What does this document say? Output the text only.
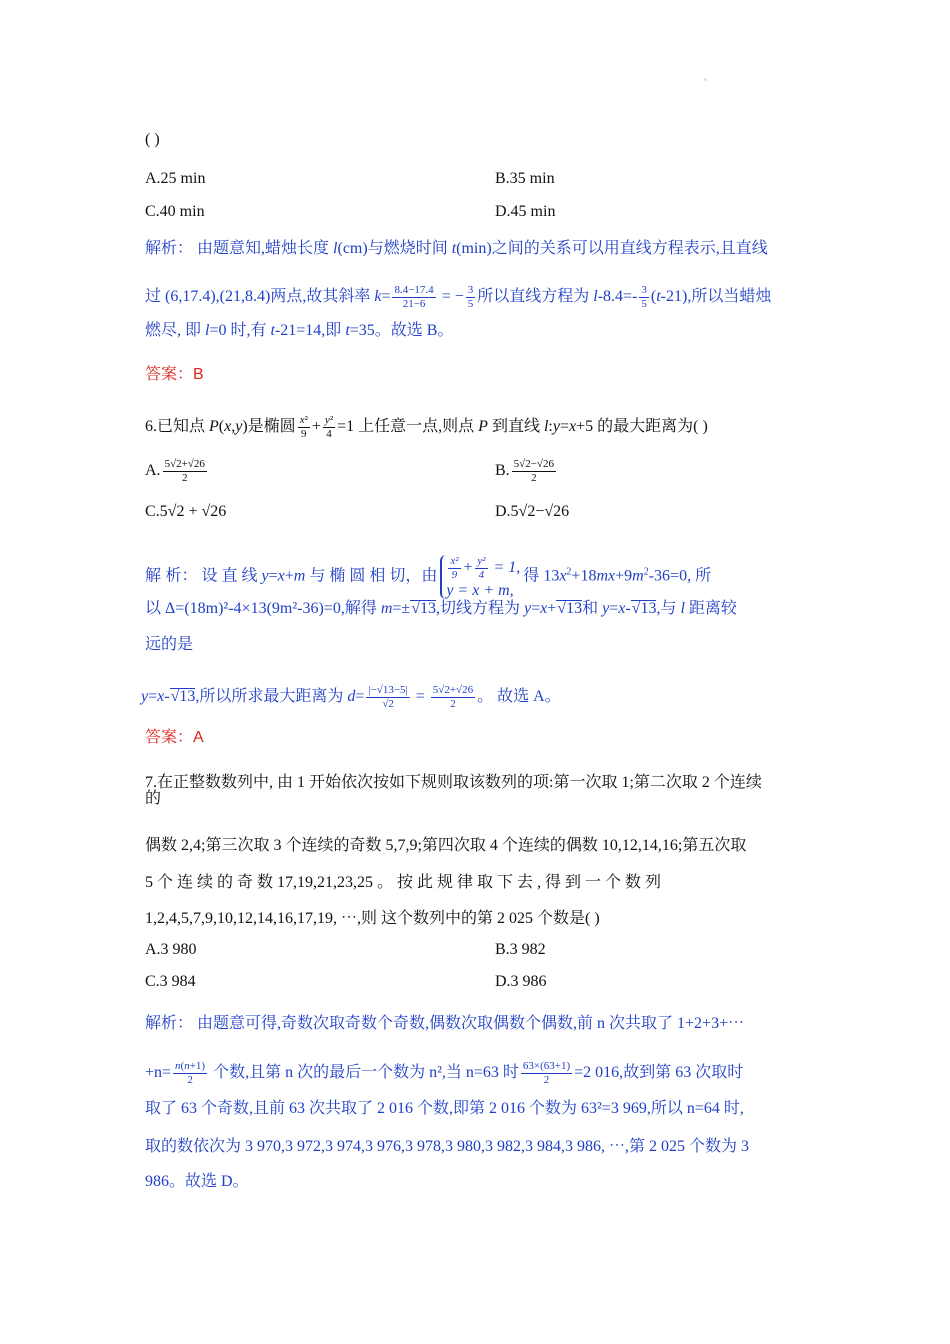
( )
A.25 min	B.35 min
C.40 min	D.45 min
解析： 由题意知,蜡烛长度 l(cm)与燃烧时间 t(min)之间的关系可以用直线方程表示,且直线
过 (6,17.4),(21,8.4)两点,故其斜率 $k= \frac{8.4-17.4}{21-6}$ = − $\frac{3}{5}$ 所以直线方程为 $l-8.4=- \frac{3}{5} (t-21)$,所以当蜡烛
燃尽, 即 l=0 时,有 t-21=14,即 t=35。故选 B。
答案：B
6.已知点 P(x,y)是椭圆 $\frac{\text{x²}}{9} + \frac{\text{y²}}{4} =1$ 上任意一点,则点 P 到直线 l:y=x+5 的最大距离为( )
A. $\frac{5√2+√26}{2}$	B. $\frac{5√2-√26}{2}$
C.5√2 + √26	D.5√2−√26
解 析： 设 直 线 y=x+m 与 椭 圆 相 切，由 $\frac{\text{x²}}{9} + \frac{\text{y²}}{4} = 1$,
y = x + m,得 $13x^2+18mx+9m^2-36=0$, 所
以 Δ=(18m)²-4×13(9m²-36)=0,解得 m=± √ 13,切线方程为 y=x+ √ 13和 y=x- √ 13,与 l 距离较
远的是
y=x- √ 13,所以所求最大距离为 $d= \frac{|-√13-5|}{√2} = \frac{5√2+√26}{2}$ 。 故选 A。
答案：A
7.在正整数数列中, 由 1 开始依次按如下规则取该数列的项:第一次取 1;第二次取 2 个连续
的
偶数 2,4;第三次取 3 个连续的奇数 5,7,9;第四次取 4 个连续的偶数 10,12,14,16;第五次取
5 个 连 续 的 奇 数 17,19,21,23,25 。 按 此 规 律 取 下 去 , 得 到 一 个 数 列
1,2,4,5,7,9,10,12,14,16,17,19, ⋯,则 这个数列中的第 2 025 个数是( )
A.3 980	B.3 982
C.3 984	D.3 986
解析： 由题意可得,奇数次取奇数个奇数,偶数次取偶数个偶数,前 n 次共取了 1+2+3+⋯
$+n= \frac{n(n+1)}{2}$ 个数,且第 n 次的最后一个数为 n²,当 n=63 时 $\frac{63\times(63+1)}{2} =2$ 016,故到第 63 次取时
取了 63 个奇数,且前 63 次共取了 2 016 个数,即第 2 016 个数为 63²=3 969,所以 n=64 时,
取的数依次为 3 970,3 972,3 974,3 976,3 978,3 980,3 982,3 984,3 986, ⋯,第 2 025 个数为 3
986。故选 D。
